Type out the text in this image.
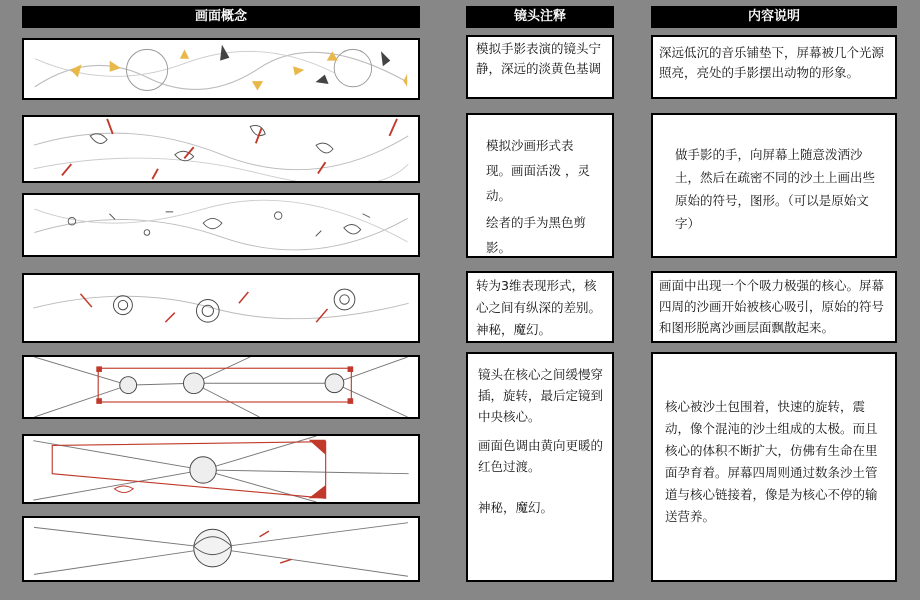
画面概念	镜头注释	内容说明

模拟手影表演的镜头宁静，深远的淡黄色基调

模拟沙画形式表现。画面活泼 ，灵动。

绘者的手为黑色剪影。

转为3维表现形式，核心之间有纵深的差别。神秘，魔幻。

镜头在核心之间缓慢穿插，旋转，最后定镜到中央核心。

画面色调由黄向更暖的红色过渡。

神秘，魔幻。

深远低沉的音乐铺垫下，屏幕被几个光源照亮，亮处的手影摆出动物的形象。

做手影的手，向屏幕上随意泼洒沙土，然后在疏密不同的沙土上画出些原始的符号，图形。（可以是原始文字）

画面中出现一个个吸力极强的核心。屏幕四周的沙画开始被核心吸引，原始的符号和图形脱离沙画层面飘散起来。

核心被沙土包围着，快速的旋转，震动，像个混沌的沙土组成的太极。而且核心的体积不断扩大，仿佛有生命在里面孕育着。屏幕四周则通过数条沙土管道与核心链接着，像是为核心不停的输送营养。
